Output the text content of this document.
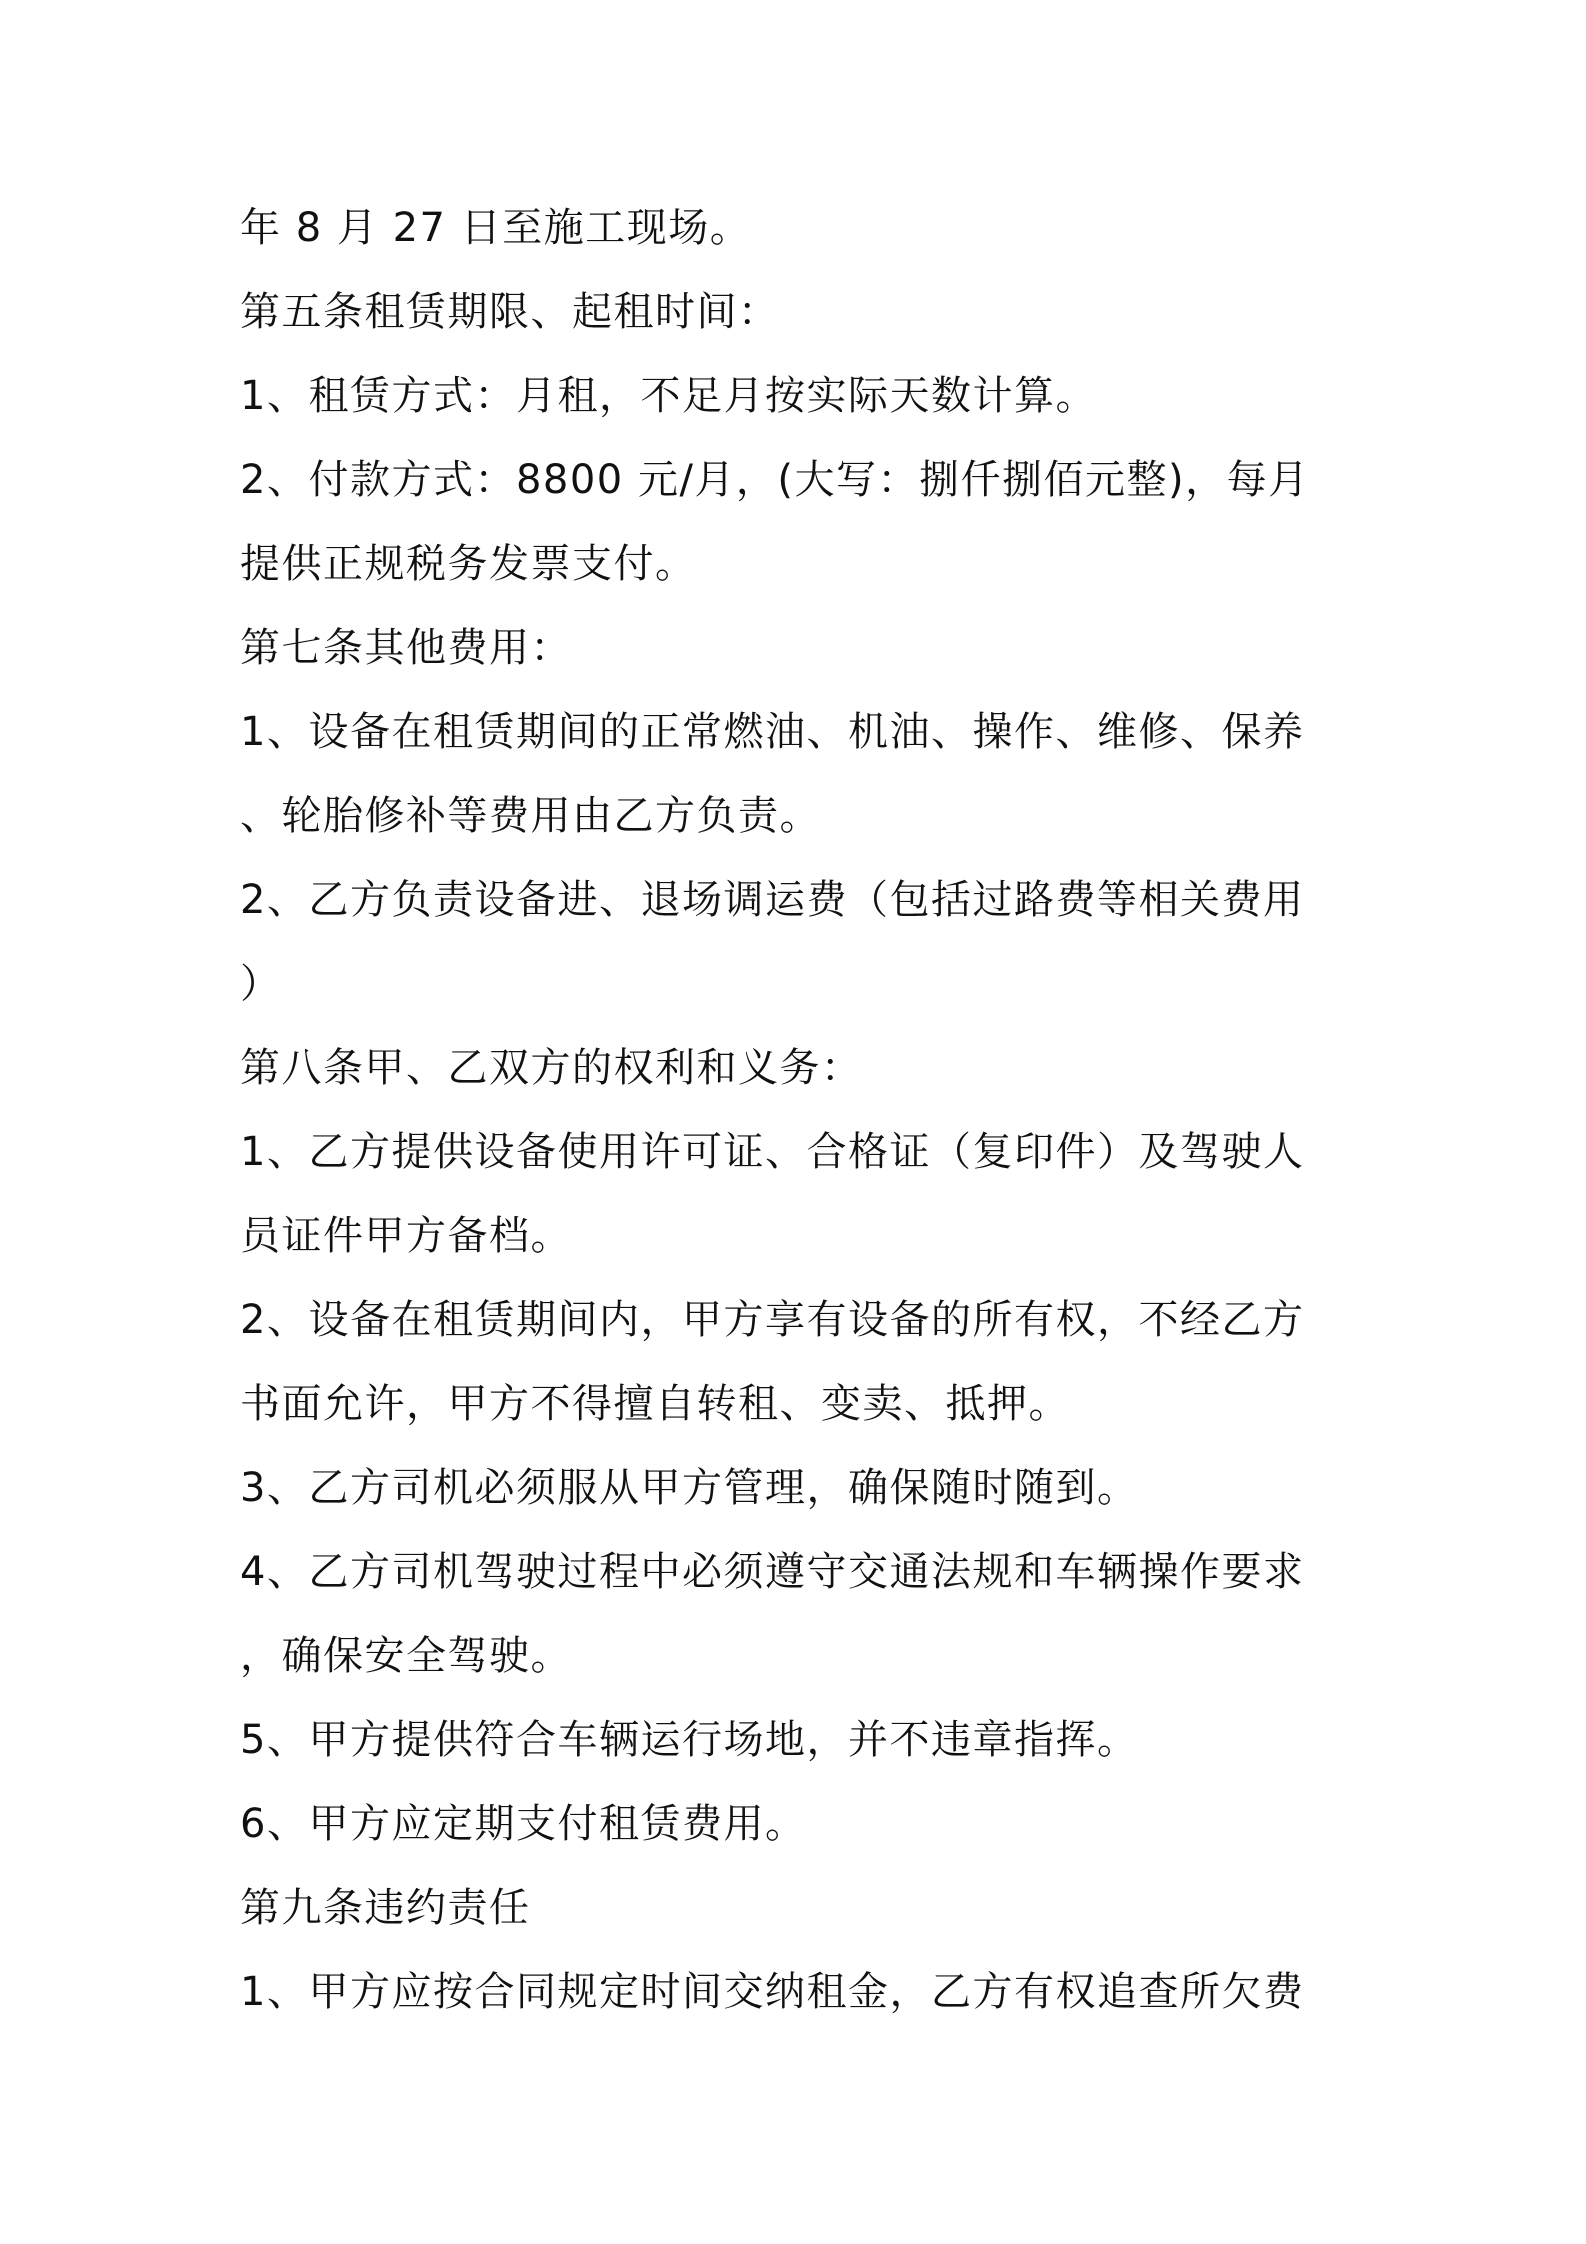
年 8 月 27 日至施工现场。
第五条租赁期限、起租时间：
1、租赁方式：月租，不足月按实际天数计算。
2、付款方式：8800 元/月，(大写：捌仟捌佰元整)，每月
提供正规税务发票支付。
第七条其他费用：
1、设备在租赁期间的正常燃油、机油、操作、维修、保养
、轮胎修补等费用由乙方负责。
2、乙方负责设备进、退场调运费（包括过路费等相关费用
）
第八条甲、乙双方的权利和义务：
1、乙方提供设备使用许可证、合格证（复印件）及驾驶人
员证件甲方备档。
2、设备在租赁期间内，甲方享有设备的所有权，不经乙方
书面允许，甲方不得擅自转租、变卖、抵押。
3、乙方司机必须服从甲方管理，确保随时随到。
4、乙方司机驾驶过程中必须遵守交通法规和车辆操作要求
，确保安全驾驶。
5、甲方提供符合车辆运行场地，并不违章指挥。
6、甲方应定期支付租赁费用。
第九条违约责任
1、甲方应按合同规定时间交纳租金，乙方有权追查所欠费
